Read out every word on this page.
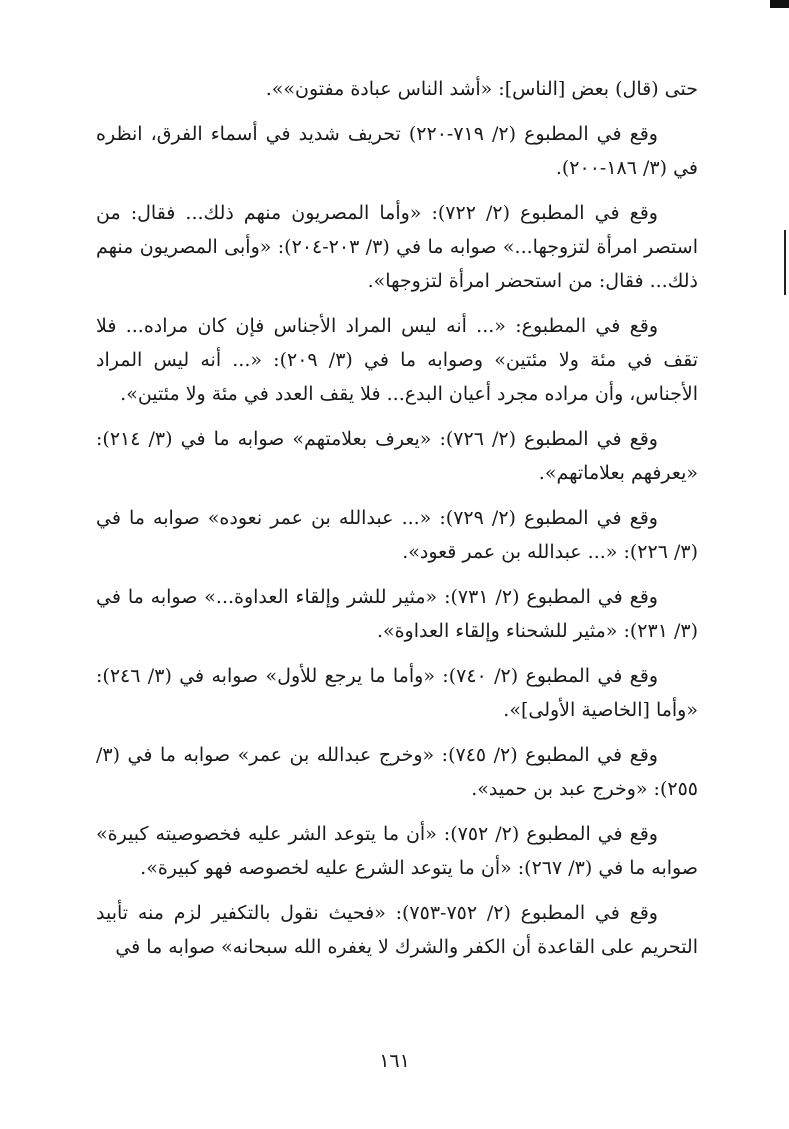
حتى (قال) بعض [الناس]: «أشد الناس عبادة مفتون»».

وقع في المطبوع (٢/ ٧١٩-٢٢٠) تحريف شديد في أسماء الفرق، انظره في (٣/ ١٨٦-٢٠٠).

وقع في المطبوع (٢/ ٧٢٢): «وأما المصريون منهم ذلك... فقال: من استصر امرأة لتزوجها...» صوابه ما في (٣/ ٢٠٣-٢٠٤): «وأبى المصريون منهم ذلك... فقال: من استحضر امرأة لتزوجها».

وقع في المطبوع: «... أنه ليس المراد الأجناس فإن كان مراده... فلا تقف في مئة ولا مئتين» وصوابه ما في (٣/ ٢٠٩): «... أنه ليس المراد الأجناس، وأن مراده مجرد أعيان البدع... فلا يقف العدد في مئة ولا مئتين».

وقع في المطبوع (٢/ ٧٢٦): «يعرف بعلامتهم» صوابه ما في (٣/ ٢١٤): «يعرفهم بعلاماتهم».

وقع في المطبوع (٢/ ٧٢٩): «... عبدالله بن عمر نعوده» صوابه ما في (٣/ ٢٢٦): «... عبدالله بن عمر قعود».

وقع في المطبوع (٢/ ٧٣١): «مثير للشر وإلقاء العداوة...» صوابه ما في (٣/ ٢٣١): «مثير للشحناء وإلقاء العداوة».

وقع في المطبوع (٢/ ٧٤٠): «وأما ما يرجع للأول» صوابه في (٣/ ٢٤٦): «وأما [الخاصية الأولى]».

وقع في المطبوع (٢/ ٧٤٥): «وخرج عبدالله بن عمر» صوابه ما في (٣/ ٢٥٥): «وخرج عبد بن حميد».

وقع في المطبوع (٢/ ٧٥٢): «أن ما يتوعد الشر عليه فخصوصيته كبيرة» صوابه ما في (٣/ ٢٦٧): «أن ما يتوعد الشرع عليه لخصوصه فهو كبيرة».

وقع في المطبوع (٢/ ٧٥٢-٧٥٣): «فحيث نقول بالتكفير لزم منه تأبيد التحريم على القاعدة أن الكفر والشرك لا يغفره الله سبحانه» صوابه ما في

١٦١
